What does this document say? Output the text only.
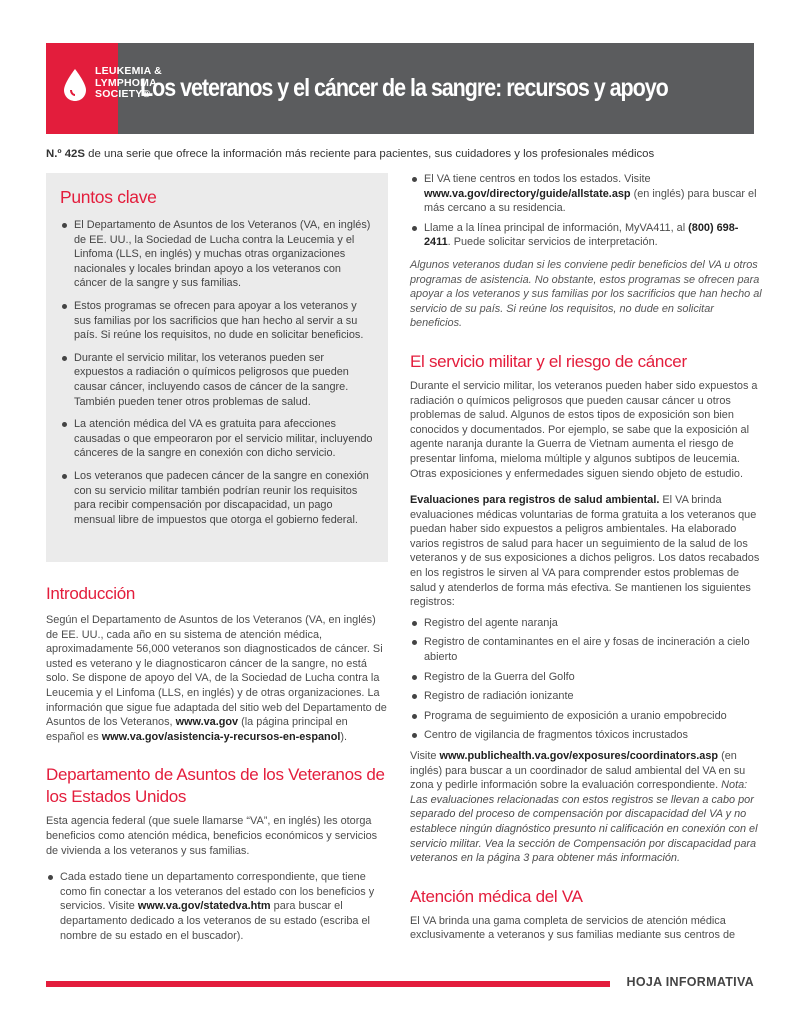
LEUKEMIA &
LYMPHOMA
SOCIETY®
Los veteranos y el cáncer de la sangre: recursos y apoyo
N.º 42S de una serie que ofrece la información más reciente para pacientes, sus cuidadores y los profesionales médicos
Puntos clave
El Departamento de Asuntos de los Veteranos (VA, en inglés) de EE. UU., la Sociedad de Lucha contra la Leucemia y el Linfoma (LLS, en inglés) y muchas otras organizaciones nacionales y locales brindan apoyo a los veteranos con cáncer de la sangre y sus familias.
Estos programas se ofrecen para apoyar a los veteranos y sus familias por los sacrificios que han hecho al servir a su país. Si reúne los requisitos, no dude en solicitar beneficios.
Durante el servicio militar, los veteranos pueden ser expuestos a radiación o químicos peligrosos que pueden causar cáncer, incluyendo casos de cáncer de la sangre. También pueden tener otros problemas de salud.
La atención médica del VA es gratuita para afecciones causadas o que empeoraron por el servicio militar, incluyendo cánceres de la sangre en conexión con dicho servicio.
Los veteranos que padecen cáncer de la sangre en conexión con su servicio militar también podrían reunir los requisitos para recibir compensación por discapacidad, un pago mensual libre de impuestos que otorga el gobierno federal.
Introducción

Según el Departamento de Asuntos de los Veteranos (VA, en inglés) de EE. UU., cada año en su sistema de atención médica, aproximadamente 56,000 veteranos son diagnosticados de cáncer. Si usted es veterano y le diagnosticaron cáncer de la sangre, no está solo. Se dispone de apoyo del VA, de la Sociedad de Lucha contra la Leucemia y el Linfoma (LLS, en inglés) y de otras organizaciones. La información que sigue fue adaptada del sitio web del Departamento de Asuntos de los Veteranos, www.va.gov (la página principal en español es www.va.gov/asistencia-y-recursos-en-espanol).

Departamento de Asuntos de los Veteranos de los Estados Unidos

Esta agencia federal (que suele llamarse “VA”, en inglés) les otorga beneficios como atención médica, beneficios económicos y servicios de vivienda a los veteranos y sus familias.

Cada estado tiene un departamento correspondiente, que tiene como fin conectar a los veteranos del estado con los beneficios y servicios. Visite www.va.gov/statedva.htm para buscar el departamento dedicado a los veteranos de su estado (escriba el nombre de su estado en el buscador).
El VA tiene centros en todos los estados. Visite www.va.gov/directory/guide/allstate.asp (en inglés) para buscar el más cercano a su residencia.
Llame a la línea principal de información, MyVA411, al (800) 698-2411. Puede solicitar servicios de interpretación.

Algunos veteranos dudan si les conviene pedir beneficios del VA u otros programas de asistencia. No obstante, estos programas se ofrecen para apoyar a los veteranos y sus familias por los sacrificios que han hecho al servicio de su país. Si reúne los requisitos, no dude en solicitar beneficios.

El servicio militar y el riesgo de cáncer

Durante el servicio militar, los veteranos pueden haber sido expuestos a radiación o químicos peligrosos que pueden causar cáncer u otros problemas de salud. Algunos de estos tipos de exposición son bien conocidos y documentados. Por ejemplo, se sabe que la exposición al agente naranja durante la Guerra de Vietnam aumenta el riesgo de presentar linfoma, mieloma múltiple y algunos subtipos de leucemia. Otras exposiciones y enfermedades siguen siendo objeto de estudio.

Evaluaciones para registros de salud ambiental. El VA brinda evaluaciones médicas voluntarias de forma gratuita a los veteranos que puedan haber sido expuestos a peligros ambientales. Ha elaborado varios registros de salud para hacer un seguimiento de la salud de los veteranos y de sus exposiciones a dichos peligros. Los datos recabados en los registros le sirven al VA para comprender estos problemas de salud y atenderlos de forma más efectiva. Se mantienen los siguientes registros:

Registro del agente naranja
Registro de contaminantes en el aire y fosas de incineración a cielo abierto
Registro de la Guerra del Golfo
Registro de radiación ionizante
Programa de seguimiento de exposición a uranio empobrecido
Centro de vigilancia de fragmentos tóxicos incrustados

Visite www.publichealth.va.gov/exposures/coordinators.asp (en inglés) para buscar a un coordinador de salud ambiental del VA en su zona y pedirle información sobre la evaluación correspondiente. Nota: Las evaluaciones relacionadas con estos registros se llevan a cabo por separado del proceso de compensación por discapacidad del VA y no establece ningún diagnóstico presunto ni calificación en conexión con el servicio militar. Vea la sección de Compensación por discapacidad para veteranos en la página 3 para obtener más información.

Atención médica del VA

El VA brinda una gama completa de servicios de atención médica exclusivamente a veteranos y sus familias mediante sus centros de

HOJA INFORMATIVA
